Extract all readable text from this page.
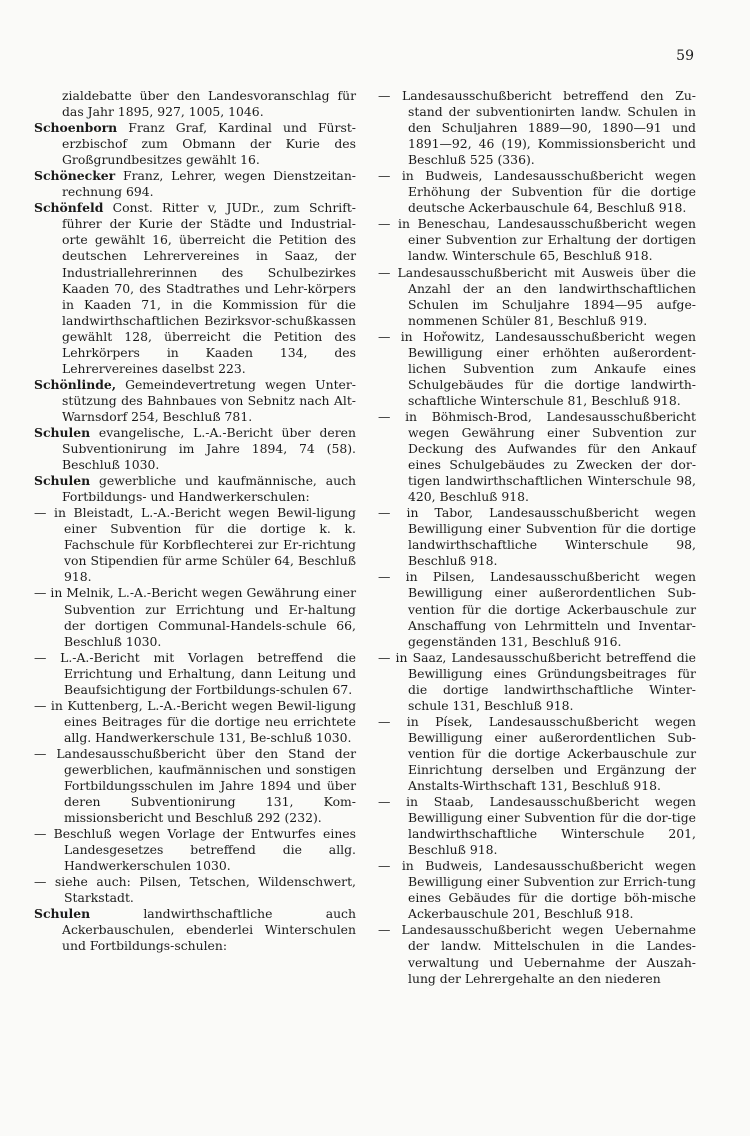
59

zialdebatte über den Landesvoranschlag für das Jahr 1895, 927, 1005, 1046.

Schoenborn Franz Graf, Kardinal und Fürst-erzbischof zum Obmann der Kurie des Großgrundbesitzes gewählt 16.

Schönecker Franz, Lehrer, wegen Dienstzeitan-rechnung 694.

Schönfeld Const. Ritter v, JUDr., zum Schrift-führer der Kurie der Städte und Industrial-orte gewählt 16, überreicht die Petition des deutschen Lehrervereines in Saaz, der Industriallehrerinnen des Schulbezirkes Kaaden 70, des Stadtrathes und Lehr-körpers in Kaaden 71, in die Kommission für die landwirthschaftlichen Bezirksvor-schußkassen gewählt 128, überreicht die Petition des Lehrkörpers in Kaaden 134, des Lehrervereines daselbst 223.

Schönlinde, Gemeindevertretung wegen Unter-stützung des Bahnbaues von Sebnitz nach Alt-Warnsdorf 254, Beschluß 781.

Schulen evangelische, L.-A.-Bericht über deren Subventionirung im Jahre 1894, 74 (58). Beschluß 1030.

Schulen gewerbliche und kaufmännische, auch Fortbildungs- und Handwerkerschulen:

— in Bleistadt, L.-A.-Bericht wegen Bewil-ligung einer Subvention für die dortige k. k. Fachschule für Korbflechterei zur Er-richtung von Stipendien für arme Schüler 64, Beschluß 918.

— in Melnik, L.-A.-Bericht wegen Gewährung einer Subvention zur Errichtung und Er-haltung der dortigen Communal-Handels-schule 66, Beschluß 1030.

— L.-A.-Bericht mit Vorlagen betreffend die Errichtung und Erhaltung, dann Leitung und Beaufsichtigung der Fortbildungs-schulen 67.

— in Kuttenberg, L.-A.-Bericht wegen Bewil-ligung eines Beitrages für die dortige neu errichtete allg. Handwerkerschule 131, Be-schluß 1030.

— Landesausschußbericht über den Stand der gewerblichen, kaufmännischen und sonstigen Fortbildungsschulen im Jahre 1894 und über deren Subventionirung 131, Kom-missionsbericht und Beschluß 292 (232).

— Beschluß wegen Vorlage der Entwurfes eines Landesgesetzes betreffend die allg. Handwerkerschulen 1030.

— siehe auch: Pilsen, Tetschen, Wildenschwert, Starkstadt.

Schulen	landwirthschaftliche auch Ackerbauschulen, ebenderlei Winterschulen und Fortbildungs-schulen:

— Landesausschußbericht betreffend den Zu-stand der subventionirten landw. Schulen in den Schuljahren 1889—90, 1890—91 und 1891—92, 46 (19), Kommissionsbericht und Beschluß 525 (336).

— in Budweis, Landesausschußbericht wegen Erhöhung der Subvention für die dortige deutsche Ackerbauschule 64, Beschluß 918.

— in Beneschau, Landesausschußbericht wegen einer Subvention zur Erhaltung der dortigen landw. Winterschule 65, Beschluß 918.

— Landesausschußbericht mit Ausweis über die Anzahl der an den landwirthschaftlichen Schulen im Schuljahre 1894—95 aufge-nommenen Schüler 81, Beschluß 919.

— in Hořowitz, Landesausschußbericht wegen Bewilligung einer erhöhten außerordent-lichen Subvention zum Ankaufe eines Schulgebäudes für die dortige landwirth-schaftliche Winterschule 81, Beschluß 918.

— in Böhmisch-Brod, Landesausschußbericht wegen Gewährung einer Subvention zur Deckung des Aufwandes für den Ankauf eines Schulgebäudes zu Zwecken der dor-tigen landwirthschaftlichen Winterschule 98, 420, Beschluß 918.

— in Tabor, Landesausschußbericht wegen Bewilligung einer Subvention für die dortige landwirthschaftliche Winterschule 98, Beschluß 918.

— in Pilsen, Landesausschußbericht wegen Bewilligung einer außerordentlichen Sub-vention für die dortige Ackerbauschule zur Anschaffung von Lehrmitteln und Inventar-gegenständen 131, Beschluß 916.

— in Saaz, Landesausschußbericht betreffend die Bewilligung eines Gründungsbeitrages für die dortige landwirthschaftliche Winter-schule 131, Beschluß 918.

— in Písek, Landesausschußbericht wegen Bewilligung einer außerordentlichen Sub-vention für die dortige Ackerbauschule zur Einrichtung derselben und Ergänzung der Anstalts-Wirthschaft 131, Beschluß 918.

— in Staab, Landesausschußbericht wegen Bewilligung einer Subvention für die dor-tige landwirthschaftliche Winterschule 201, Beschluß 918.

— in Budweis, Landesausschußbericht wegen Bewilligung einer Subvention zur Errich-tung eines Gebäudes für die dortige böh-mische Ackerbauschule 201, Beschluß 918.

— Landesausschußbericht wegen Uebernahme der landw. Mittelschulen in die Landes-verwaltung und Uebernahme der Auszah-lung der Lehrergehalte an den niederen
